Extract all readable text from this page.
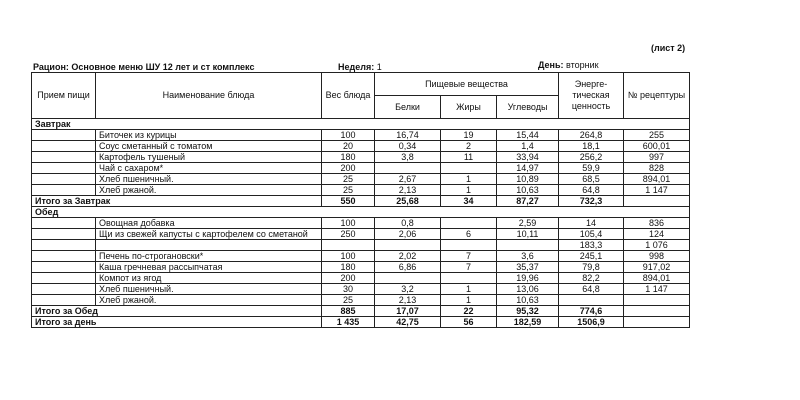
(лист 2)
Рацион: Основное меню ШУ 12 лет и ст комплекс	Неделя: 1	День: вторник
Прием пищи	Наименование блюда	Вес блюда	Пищевые вещества			Энерге-тическая ценность	№ рецептуры
			Белки	Жиры	Углеводы		
Завтрак							
	Биточек из курицы	100	16,74	19	15,44	264,8	255
	Соус сметанный с томатом	20	0,34	2	1,4	18,1	600,01
	Картофель тушеный	180	3,8	11	33,94	256,2	997
	Чай с сахаром*	200			14,97	59,9	828
	Хлеб пшеничный.	25	2,67	1	10,89	68,5	894,01
	Хлеб ржаной.	25	2,13	1	10,63	64,8	1 147
Итого за Завтрак		550	25,68	34	87,27	732,3	
Обед							
	Овощная добавка	100	0,8		2,59	14	836
	Щи из свежей капусты с картофелем со сметаной	250	2,06	6	10,11	105,4	124
						183,3	1 076
	Печень по-строгановски*	100	2,02	7	3,6	245,1	998
	Каша гречневая рассыпчатая	180	6,86	7	35,37	79,8	917,02
	Компот из ягод	200			19,96	82,2	894,01
	Хлеб пшеничный.	30	3,2	1	13,06	64,8	1 147
	Хлеб ржаной.	25	2,13	1	10,63		
Итого за Обед		885	17,07	22	95,32	774,6	
Итого за день		1 435	42,75	56	182,59	1506,9	
